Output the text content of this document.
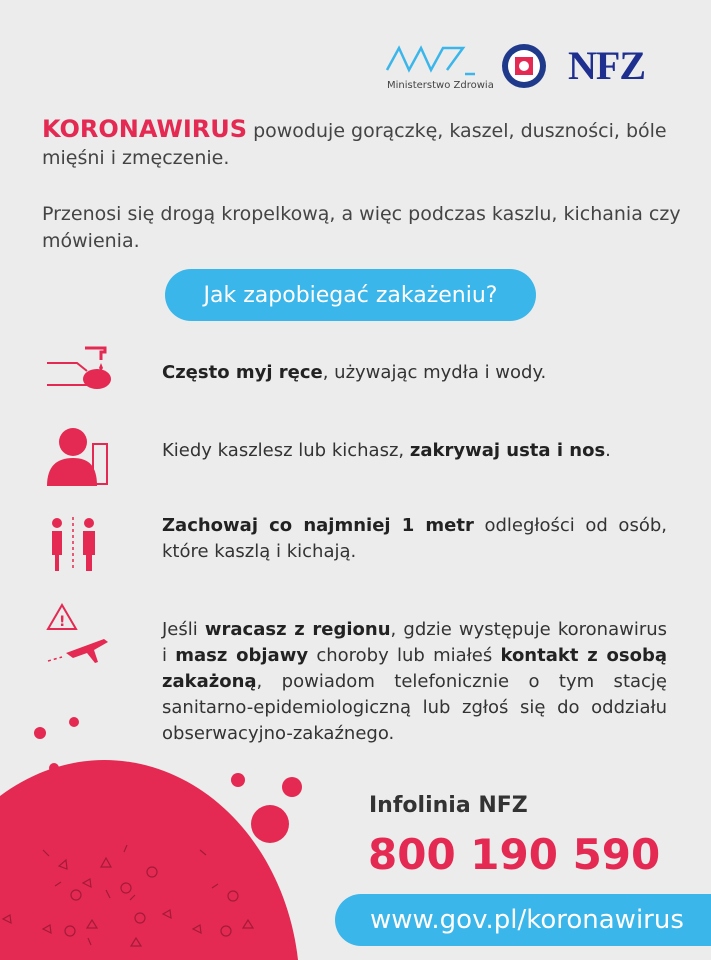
Ministerstwo Zdrowia NFZ
KORONAWIRUS powoduje gorączkę, kaszel, duszności, bóle mięśni i zmęczenie.
Przenosi się drogą kropelkową, a więc podczas kaszlu, kichania czy mówienia.
Jak zapobiegać zakażeniu?
!
Często myj ręce, używając mydła i wody.
Kiedy kaszlesz lub kichasz, zakrywaj usta i nos.
Zachowaj co najmniej 1 metr odległości od osób, które kaszlą i kichają.
Jeśli wracasz z regionu, gdzie występuje koronawirus i masz objawy choroby lub miałeś kontakt z osobą zakażoną, powiadom telefonicznie o tym stację sanitarno-epidemiologiczną lub zgłoś się do oddziału obserwacyjno-zakaźnego.
Infolinia NFZ
800 190 590
www.gov.pl/koronawirus
